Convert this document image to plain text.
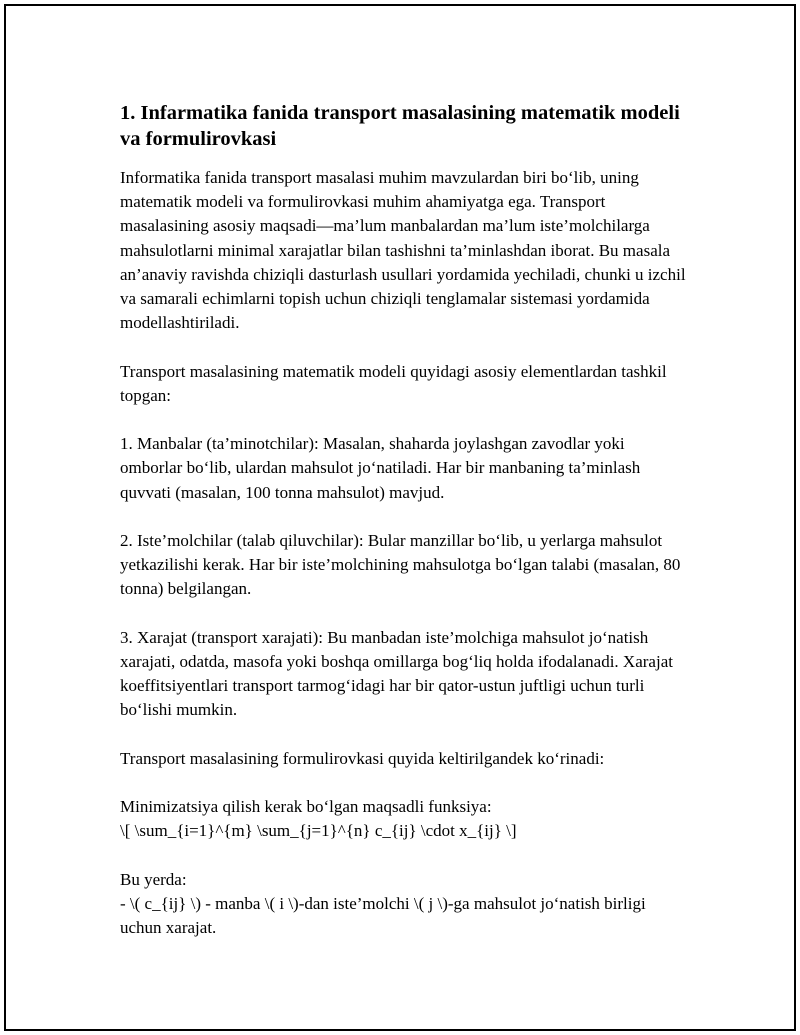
1. Infarmatika fanida transport masalasining matematik modeli va formulirovkasi

Informatika fanida transport masalasi muhim mavzulardan biri bo‘lib, uning matematik modeli va formulirovkasi muhim ahamiyatga ega. Transport masalasining asosiy maqsadi—ma’lum manbalardan ma’lum iste’molchilarga mahsulotlarni minimal xarajatlar bilan tashishni ta’minlashdan iborat. Bu masala an’anaviy ravishda chiziqli dasturlash usullari yordamida yechiladi, chunki u izchil va samarali echimlarni topish uchun chiziqli tenglamalar sistemasi yordamida modellashtiriladi.

Transport masalasining matematik modeli quyidagi asosiy elementlardan tashkil topgan:

1. Manbalar (ta’minotchilar): Masalan, shaharda joylashgan zavodlar yoki omborlar bo‘lib, ulardan mahsulot jo‘natiladi. Har bir manbaning ta’minlash quvvati (masalan, 100 tonna mahsulot) mavjud.

2. Iste’molchilar (talab qiluvchilar): Bular manzillar bo‘lib, u yerlarga mahsulot yetkazilishi kerak. Har bir iste’molchining mahsulotga bo‘lgan talabi (masalan, 80 tonna) belgilangan.

3. Xarajat (transport xarajati): Bu manbadan iste’molchiga mahsulot jo‘natish xarajati, odatda, masofa yoki boshqa omillarga bog‘liq holda ifodalanadi. Xarajat koeffitsiyentlari transport tarmog‘idagi har bir qator-ustun juftligi uchun turli bo‘lishi mumkin.

Transport masalasining formulirovkasi quyida keltirilgandek ko‘rinadi:

Minimizatsiya qilish kerak bo‘lgan maqsadli funksiya:

\[ \sum_{i=1}^{m} \sum_{j=1}^{n} c_{ij} \cdot x_{ij} \]

Bu yerda:

- \( c_{ij} \) - manba \( i \)-dan iste’molchi \( j \)-ga mahsulot jo‘natish birligi uchun xarajat.
